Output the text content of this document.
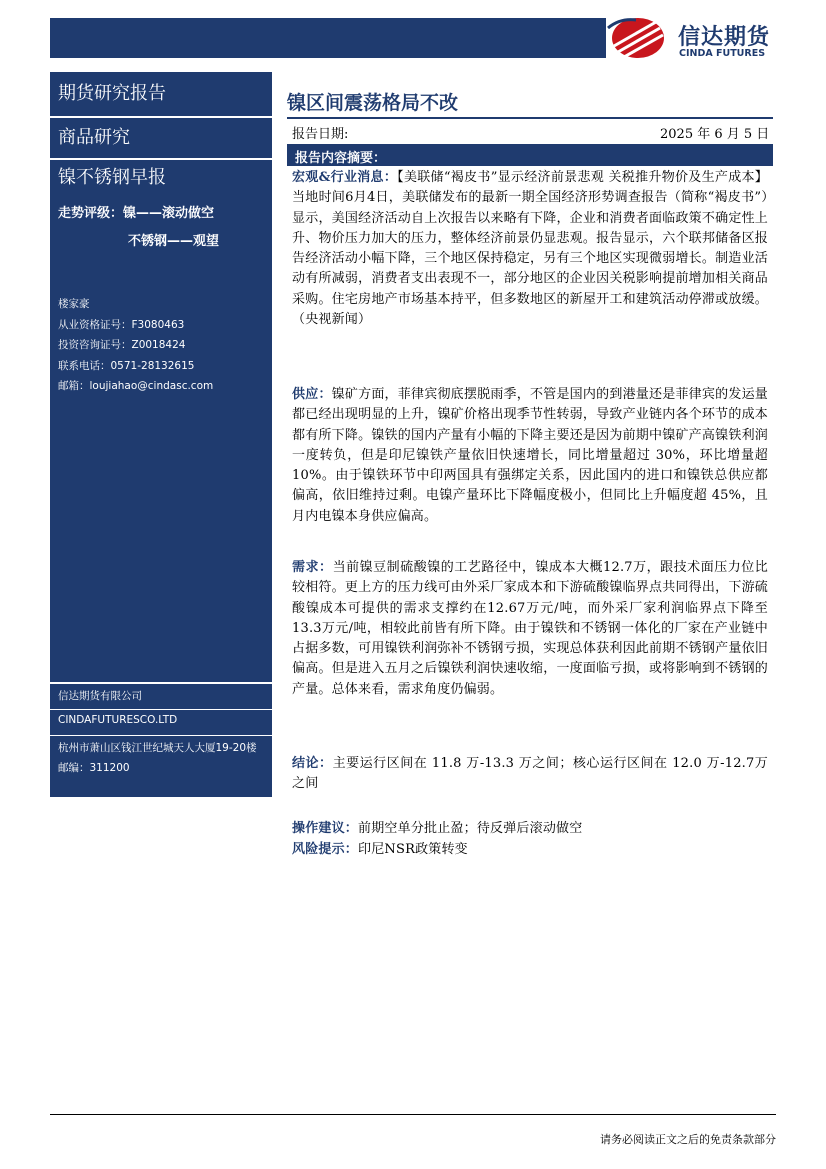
信达期货
CINDA FUTURES
期货研究报告
商品研究
镍不锈钢早报
走势评级：镍——滚动做空
不锈钢——观望
楼家豪
从业资格证号：F3080463
投资咨询证号：Z0018424
联系电话：0571-28132615
邮箱：loujiahao@cindasc.com
信达期货有限公司
CINDAFUTURESCO.LTD
杭州市萧山区钱江世纪城天人大厦19-20楼
邮编：311200
镍区间震荡格局不改
报告日期:	2025 年 6 月 5 日
报告内容摘要：
宏观&行业消息：【美联储“褐皮书”显示经济前景悲观 关税推升物价及生产成本】当地时间6月4日，美联储发布的最新一期全国经济形势调查报告（简称“褐皮书”）显示，美国经济活动自上次报告以来略有下降，企业和消费者面临政策不确定性上升、物价压力加大的压力，整体经济前景仍显悲观。报告显示，六个联邦储备区报告经济活动小幅下降，三个地区保持稳定，另有三个地区实现微弱增长。制造业活动有所减弱，消费者支出表现不一，部分地区的企业因关税影响提前增加相关商品采购。住宅房地产市场基本持平，但多数地区的新屋开工和建筑活动停滞或放缓。（央视新闻）
供应：镍矿方面，菲律宾彻底摆脱雨季，不管是国内的到港量还是菲律宾的发运量都已经出现明显的上升，镍矿价格出现季节性转弱，导致产业链内各个环节的成本都有所下降。镍铁的国内产量有小幅的下降主要还是因为前期中镍矿产高镍铁利润一度转负，但是印尼镍铁产量依旧快速增长，同比增量超过 30%，环比增量超 10%。由于镍铁环节中印两国具有强绑定关系，因此国内的进口和镍铁总供应都偏高，依旧维持过剩。电镍产量环比下降幅度极小，但同比上升幅度超 45%，且月内电镍本身供应偏高。
需求：当前镍豆制硫酸镍的工艺路径中，镍成本大概12.7万，跟技术面压力位比较相符。更上方的压力线可由外采厂家成本和下游硫酸镍临界点共同得出，下游硫酸镍成本可提供的需求支撑约在12.67万元/吨，而外采厂家利润临界点下降至13.3万元/吨，相较此前皆有所下降。由于镍铁和不锈钢一体化的厂家在产业链中占据多数，可用镍铁利润弥补不锈钢亏损，实现总体获利因此前期不锈钢产量依旧偏高。但是进入五月之后镍铁利润快速收缩，一度面临亏损，或将影响到不锈钢的产量。总体来看，需求角度仍偏弱。
结论：主要运行区间在 11.8 万-13.3 万之间；核心运行区间在 12.0 万-12.7万之间
操作建议：前期空单分批止盈；待反弹后滚动做空
风险提示：印尼NSR政策转变
请务必阅读正文之后的免责条款部分
